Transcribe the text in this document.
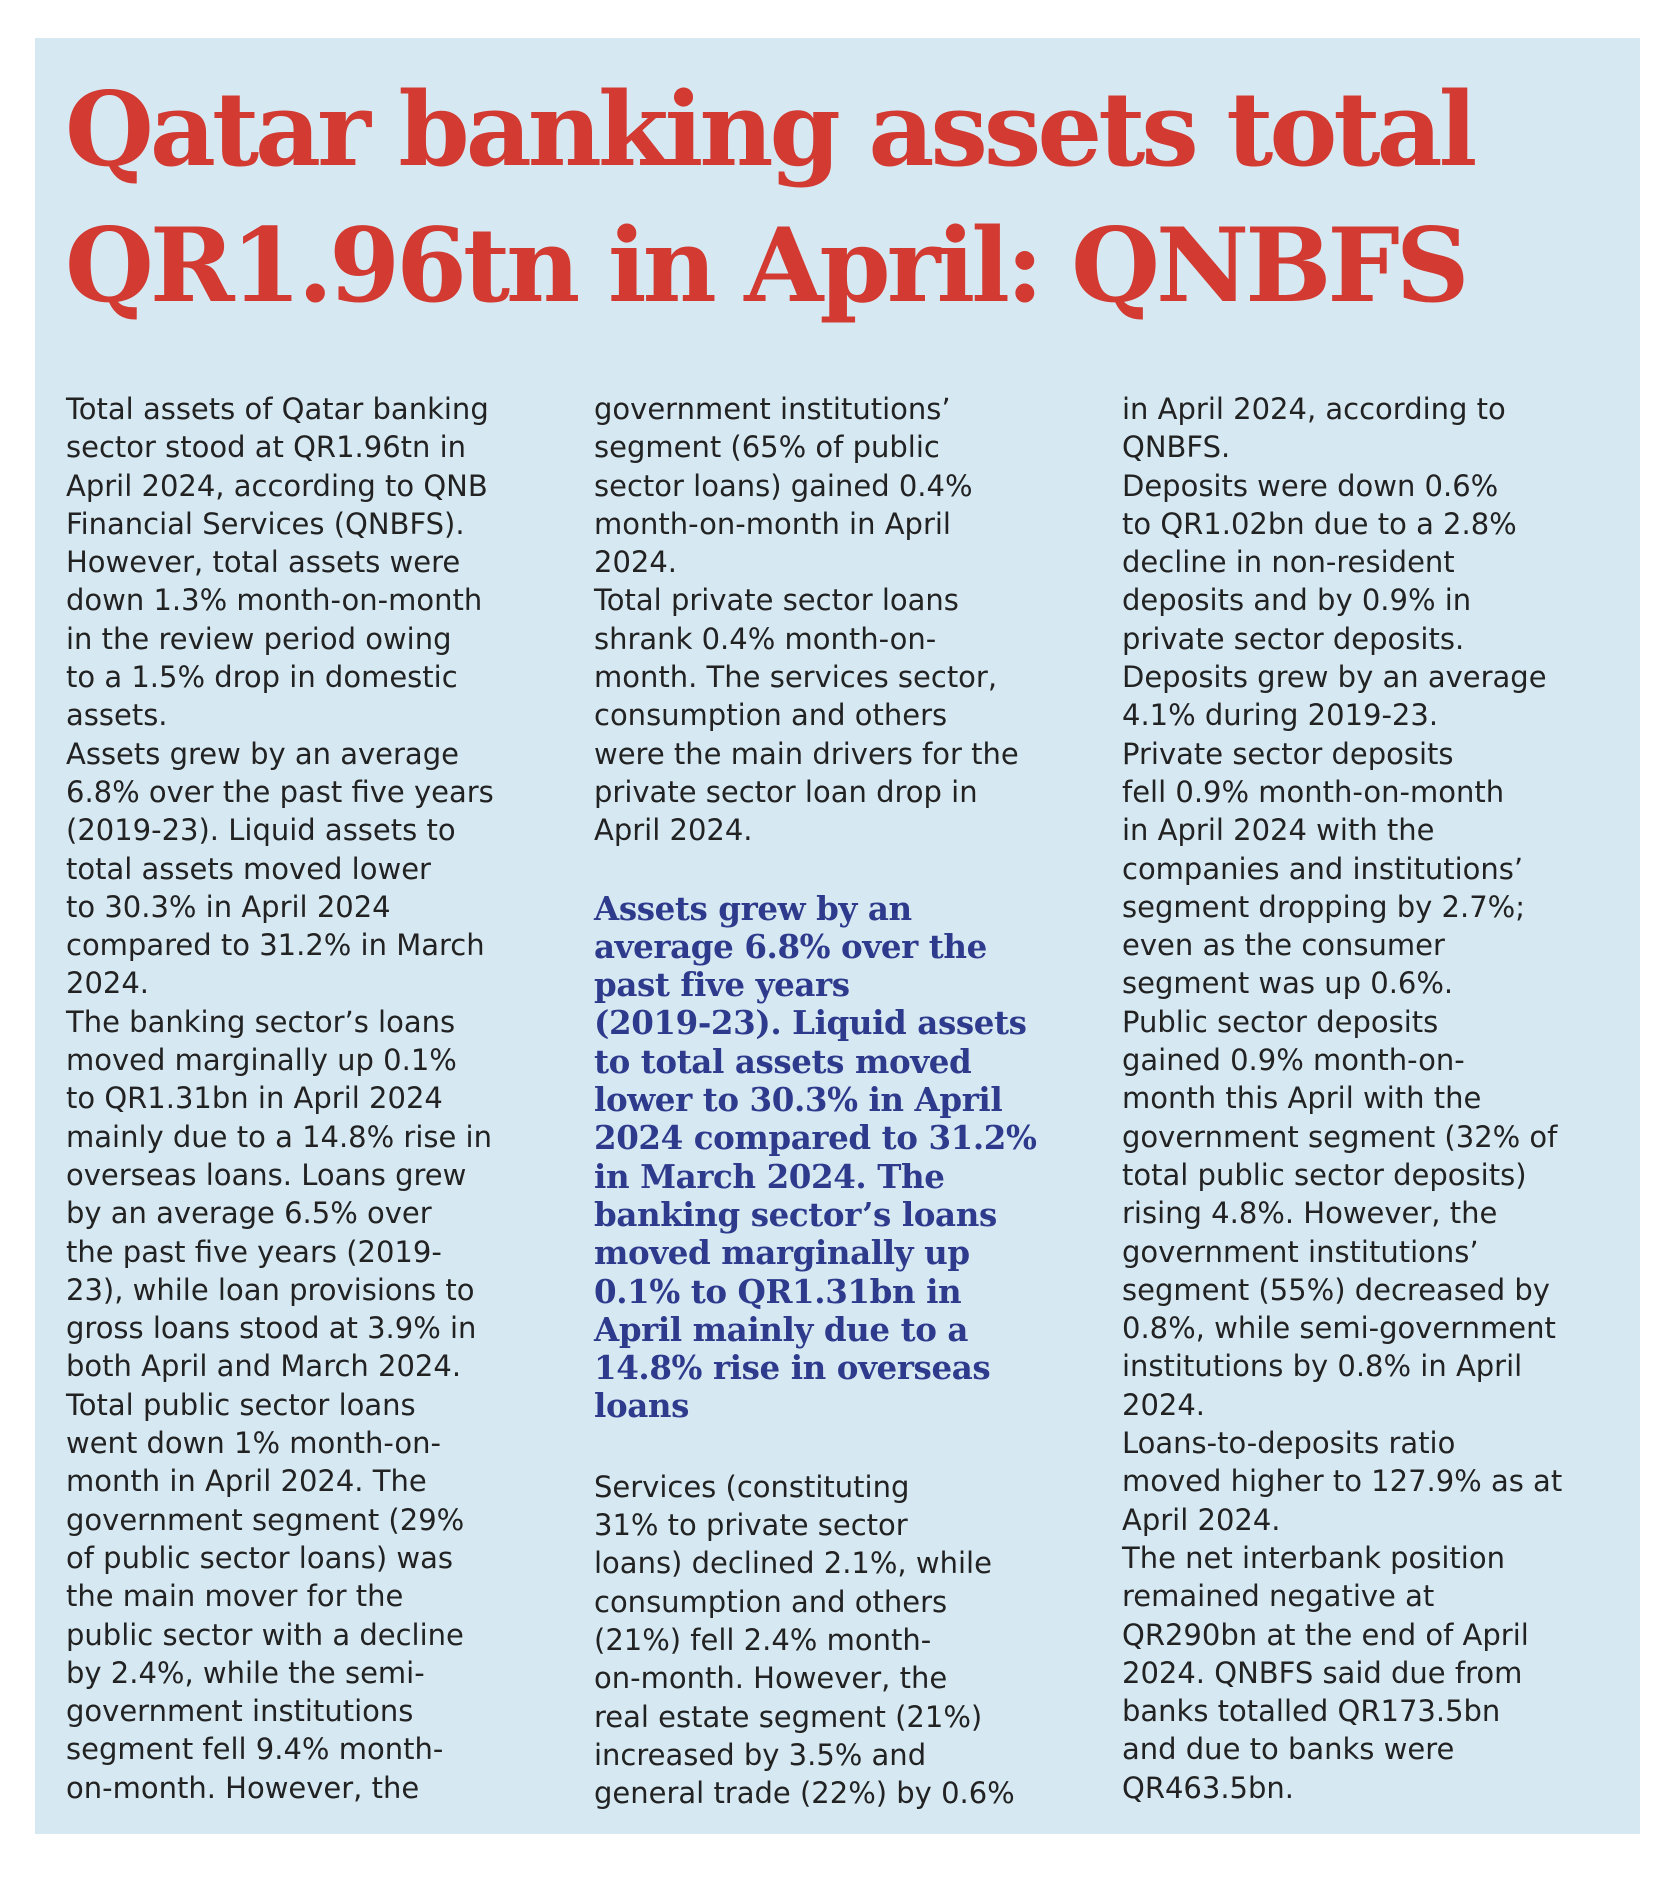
Qatar banking assets total
QR1.96tn in April: QNBFS

Total assets of Qatar banking
sector stood at QR1.96tn in
April 2024, according to QNB
Financial Services (QNBFS).

However, total assets were
down 1.3% month-on-month
in the review period owing
to a 1.5% drop in domestic
assets.

Assets grew by an average
6.8% over the past five years
(2019-23). Liquid assets to
total assets moved lower
to 30.3% in April 2024
compared to 31.2% in March
2024.

The banking sector’s loans
moved marginally up 0.1%
to QR1.31bn in April 2024
mainly due to a 14.8% rise in
overseas loans. Loans grew
by an average 6.5% over
the past five years (2019-
23), while loan provisions to
gross loans stood at 3.9% in
both April and March 2024.

Total public sector loans
went down 1% month-on-
month in April 2024. The
government segment (29%
of public sector loans) was
the main mover for the
public sector with a decline
by 2.4%, while the semi-
government institutions
segment fell 9.4% month-
on-month. However, the

government institutions’
segment (65% of public
sector loans) gained 0.4%
month-on-month in April
2024.

Total private sector loans
shrank 0.4% month-on-
month. The services sector,
consumption and others
were the main drivers for the
private sector loan drop in
April 2024.

Assets grew by an
average 6.8% over the
past five years
(2019-23). Liquid assets
to total assets moved
lower to 30.3% in April
2024 compared to 31.2%
in March 2024. The
banking sector’s loans
moved marginally up
0.1% to QR1.31bn in
April mainly due to a
14.8% rise in overseas
loans

Services (constituting
31% to private sector
loans) declined 2.1%, while
consumption and others
(21%) fell 2.4% month-
on-month. However, the
real estate segment (21%)
increased by 3.5% and
general trade (22%) by 0.6%

in April 2024, according to
QNBFS.

Deposits were down 0.6%
to QR1.02bn due to a 2.8%
decline in non-resident
deposits and by 0.9% in
private sector deposits.

Deposits grew by an average
4.1% during 2019-23.

Private sector deposits
fell 0.9% month-on-month
in April 2024 with the
companies and institutions’
segment dropping by 2.7%;
even as the consumer
segment was up 0.6%.

Public sector deposits
gained 0.9% month-on-
month this April with the
government segment (32% of
total public sector deposits)
rising 4.8%. However, the
government institutions’
segment (55%) decreased by
0.8%, while semi-government
institutions by 0.8% in April
2024.

Loans-to-deposits ratio
moved higher to 127.9% as at
April 2024.

The net interbank position
remained negative at
QR290bn at the end of April
2024. QNBFS said due from
banks totalled QR173.5bn
and due to banks were
QR463.5bn.
